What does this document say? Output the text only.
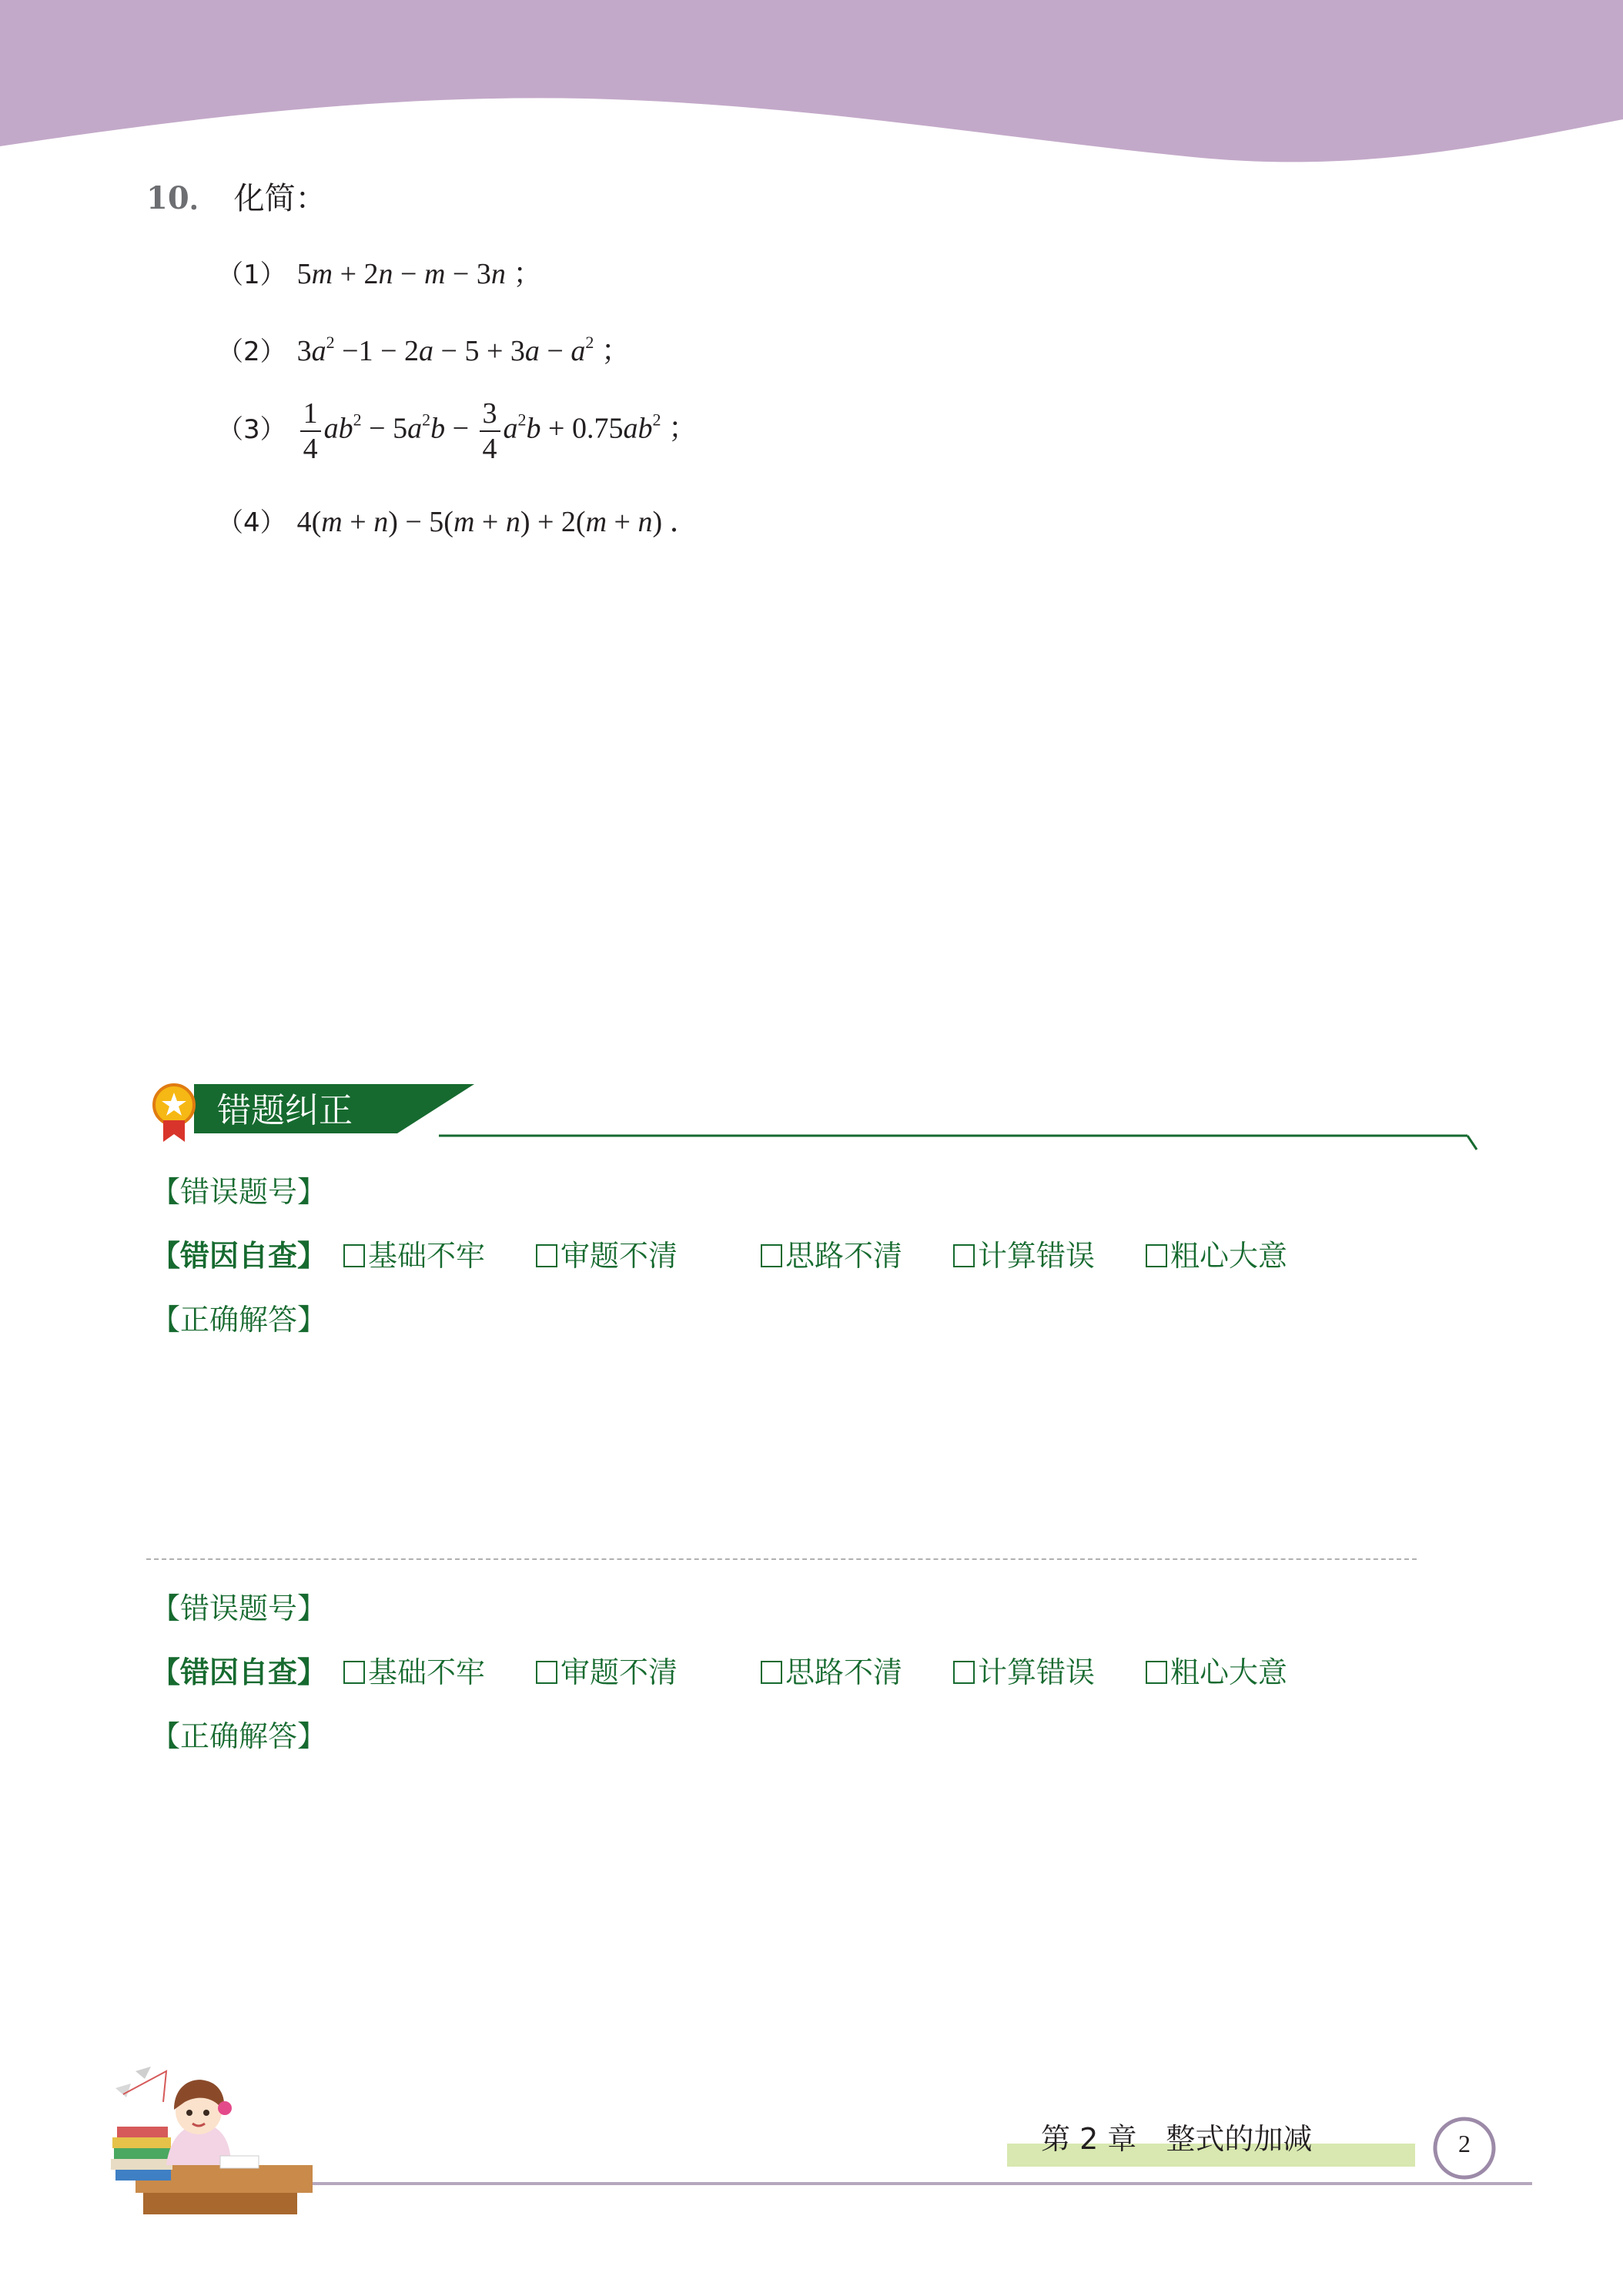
10． 化简：
（1） 5m + 2n − m − 3n ；
（2） $3a^2 -1 - 2a - 5 + 3a - a^2$ ；
$(3) \frac{1}{4} ab^2 - 5a^2b - \frac{3}{4} a^2b + 0.75ab^2$ ；
（4） 4(m + n) − 5(m + n) + 2(m + n) ．
错题纠正
【错误题号】
【错因自查】	基础不牢	审题不清	思路不清	计算错误	粗心大意
【正确解答】
【错误题号】
【错因自查】	基础不牢	审题不清	思路不清	计算错误	粗心大意
【正确解答】
第 2 章　整式的加减	2
